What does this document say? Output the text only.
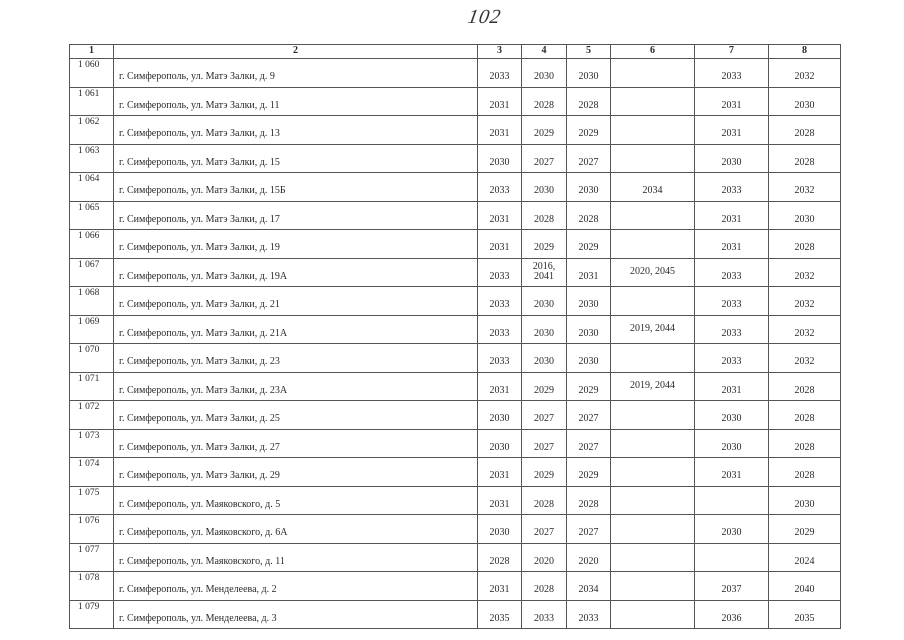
102
1	2	3	4	5	6	7	8
1 060	г. Симферополь, ул. Матэ Залки, д. 9	2033	2030	2030		2033	2032
1 061	г. Симферополь, ул. Матэ Залки, д. 11	2031	2028	2028		2031	2030
1 062	г. Симферополь, ул. Матэ Залки, д. 13	2031	2029	2029		2031	2028
1 063	г. Симферополь, ул. Матэ Залки, д. 15	2030	2027	2027		2030	2028
1 064	г. Симферополь, ул. Матэ Залки, д. 15Б	2033	2030	2030	2034	2033	2032
1 065	г. Симферополь, ул. Матэ Залки, д. 17	2031	2028	2028		2031	2030
1 066	г. Симферополь, ул. Матэ Залки, д. 19	2031	2029	2029		2031	2028
1 067	г. Симферополь, ул. Матэ Залки, д. 19А	2033	2016, 2041	2031	2020, 2045	2033	2032
1 068	г. Симферополь, ул. Матэ Залки, д. 21	2033	2030	2030		2033	2032
1 069	г. Симферополь, ул. Матэ Залки, д. 21А	2033	2030	2030	2019, 2044	2033	2032
1 070	г. Симферополь, ул. Матэ Залки, д. 23	2033	2030	2030		2033	2032
1 071	г. Симферополь, ул. Матэ Залки, д. 23А	2031	2029	2029	2019, 2044	2031	2028
1 072	г. Симферополь, ул. Матэ Залки, д. 25	2030	2027	2027		2030	2028
1 073	г. Симферополь, ул. Матэ Залки, д. 27	2030	2027	2027		2030	2028
1 074	г. Симферополь, ул. Матэ Залки, д. 29	2031	2029	2029		2031	2028
1 075	г. Симферополь, ул. Маяковского, д. 5	2031	2028	2028			2030
1 076	г. Симферополь, ул. Маяковского, д. 6А	2030	2027	2027		2030	2029
1 077	г. Симферополь, ул. Маяковского, д. 11	2028	2020	2020			2024
1 078	г. Симферополь, ул. Менделеева, д. 2	2031	2028	2034		2037	2040
1 079	г. Симферополь, ул. Менделеева, д. 3	2035	2033	2033		2036	2035
